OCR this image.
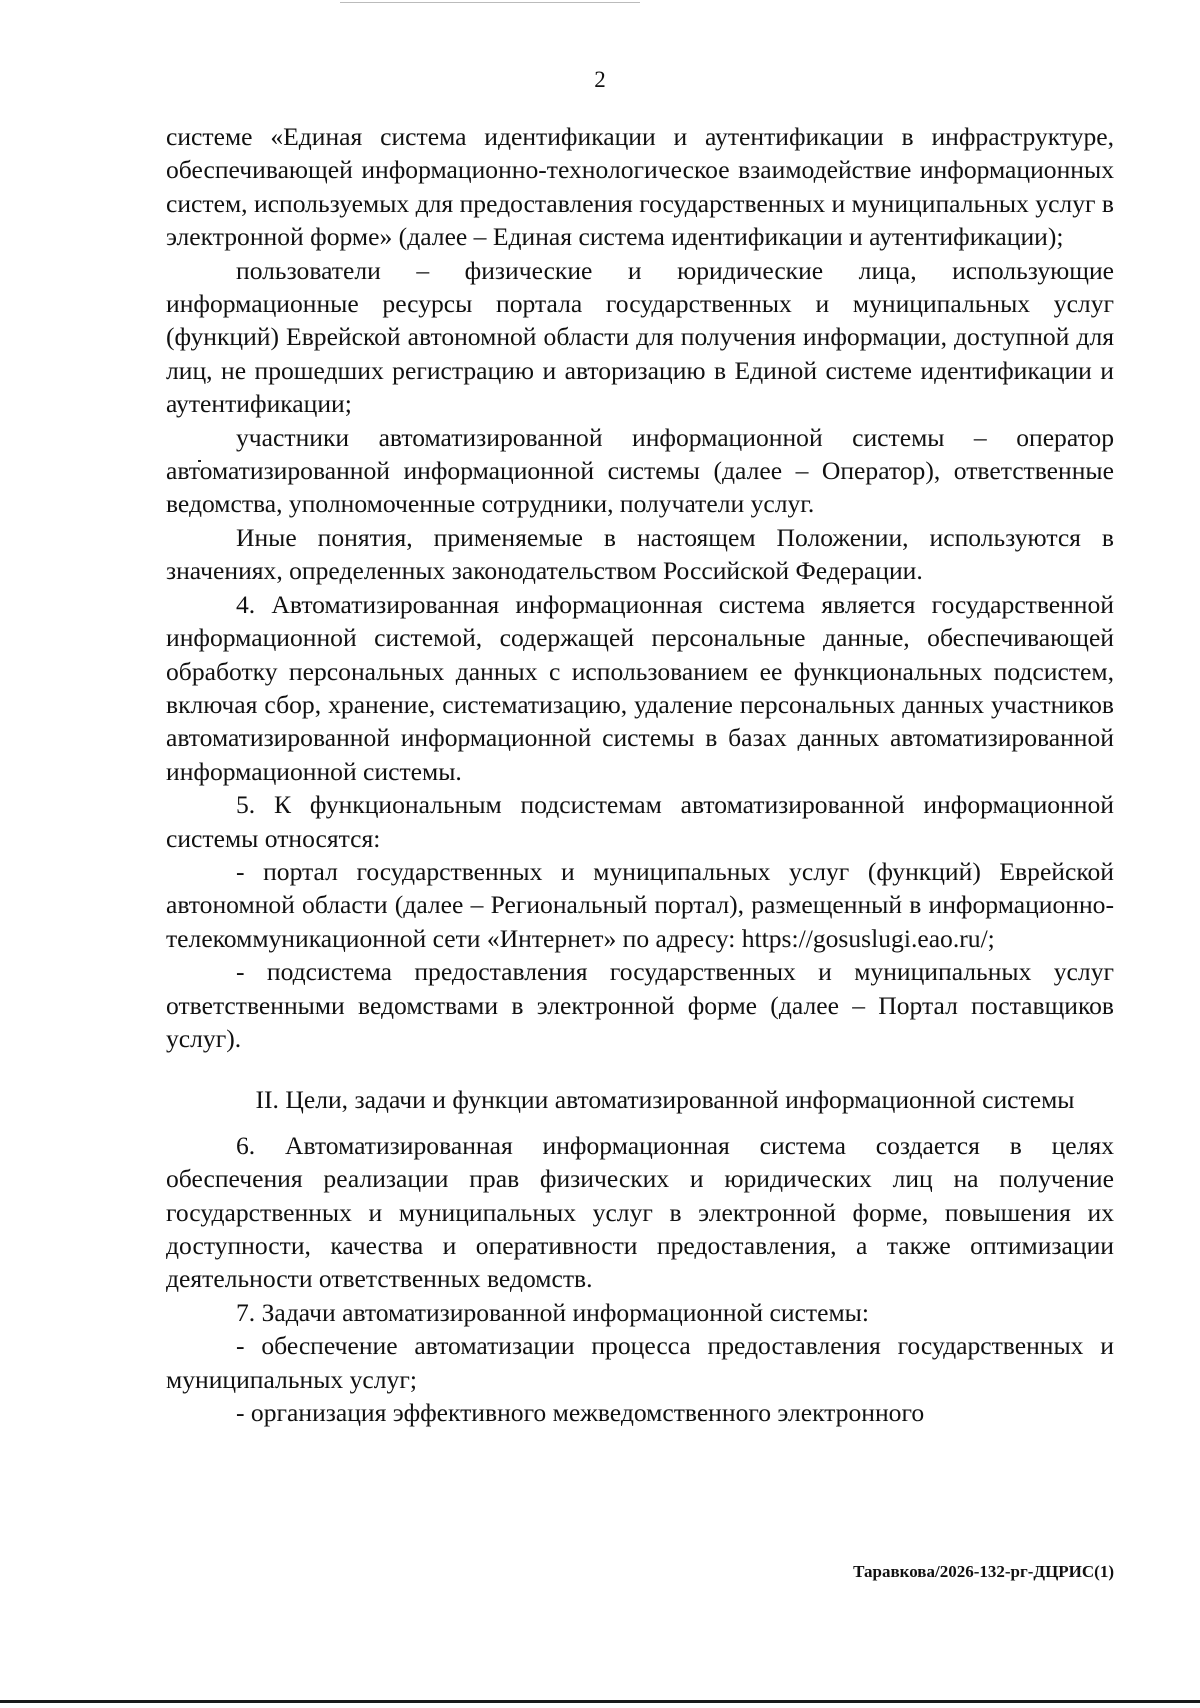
2

системе «Единая система идентификации и аутентификации в инфраструктуре, обеспечивающей информационно-технологическое взаимодействие информационных систем, используемых для предоставления государственных и муниципальных услуг в электронной форме» (далее – Единая система идентификации и аутентификации);

пользователи – физические и юридические лица, использующие информационные ресурсы портала государственных и муниципальных услуг (функций) Еврейской автономной области для получения информации, доступной для лиц, не прошедших регистрацию и авторизацию в Единой системе идентификации и аутентификации;

участники автоматизированной информационной системы – оператор автоматизированной информационной системы (далее – Оператор), ответственные ведомства, уполномоченные сотрудники, получатели услуг.

Иные понятия, применяемые в настоящем Положении, используются в значениях, определенных законодательством Российской Федерации.

4. Автоматизированная информационная система является государственной информационной системой, содержащей персональные данные, обеспечивающей обработку персональных данных с использованием ее функциональных подсистем, включая сбор, хранение, систематизацию, удаление персональных данных участников автоматизированной информационной системы в базах данных автоматизированной информационной системы.

5. К функциональным подсистемам автоматизированной информационной системы относятся:

- портал государственных и муниципальных услуг (функций) Еврейской автономной области (далее – Региональный портал), размещенный в информационно-телекоммуникационной сети «Интернет» по адресу: https://gosuslugi.eao.ru/;

- подсистема предоставления государственных и муниципальных услуг ответственными ведомствами в электронной форме (далее – Портал поставщиков услуг).

II. Цели, задачи и функции автоматизированной информационной системы

6. Автоматизированная информационная система создается в целях обеспечения реализации прав физических и юридических лиц на получение государственных и муниципальных услуг в электронной форме, повышения их доступности, качества и оперативности предоставления, а также оптимизации деятельности ответственных ведомств.

7. Задачи автоматизированной информационной системы:

- обеспечение автоматизации процесса предоставления государственных и муниципальных услуг;

- организация эффективного межведомственного электронного

Таравкова/2026-132-рг-ДЦРИС(1)
